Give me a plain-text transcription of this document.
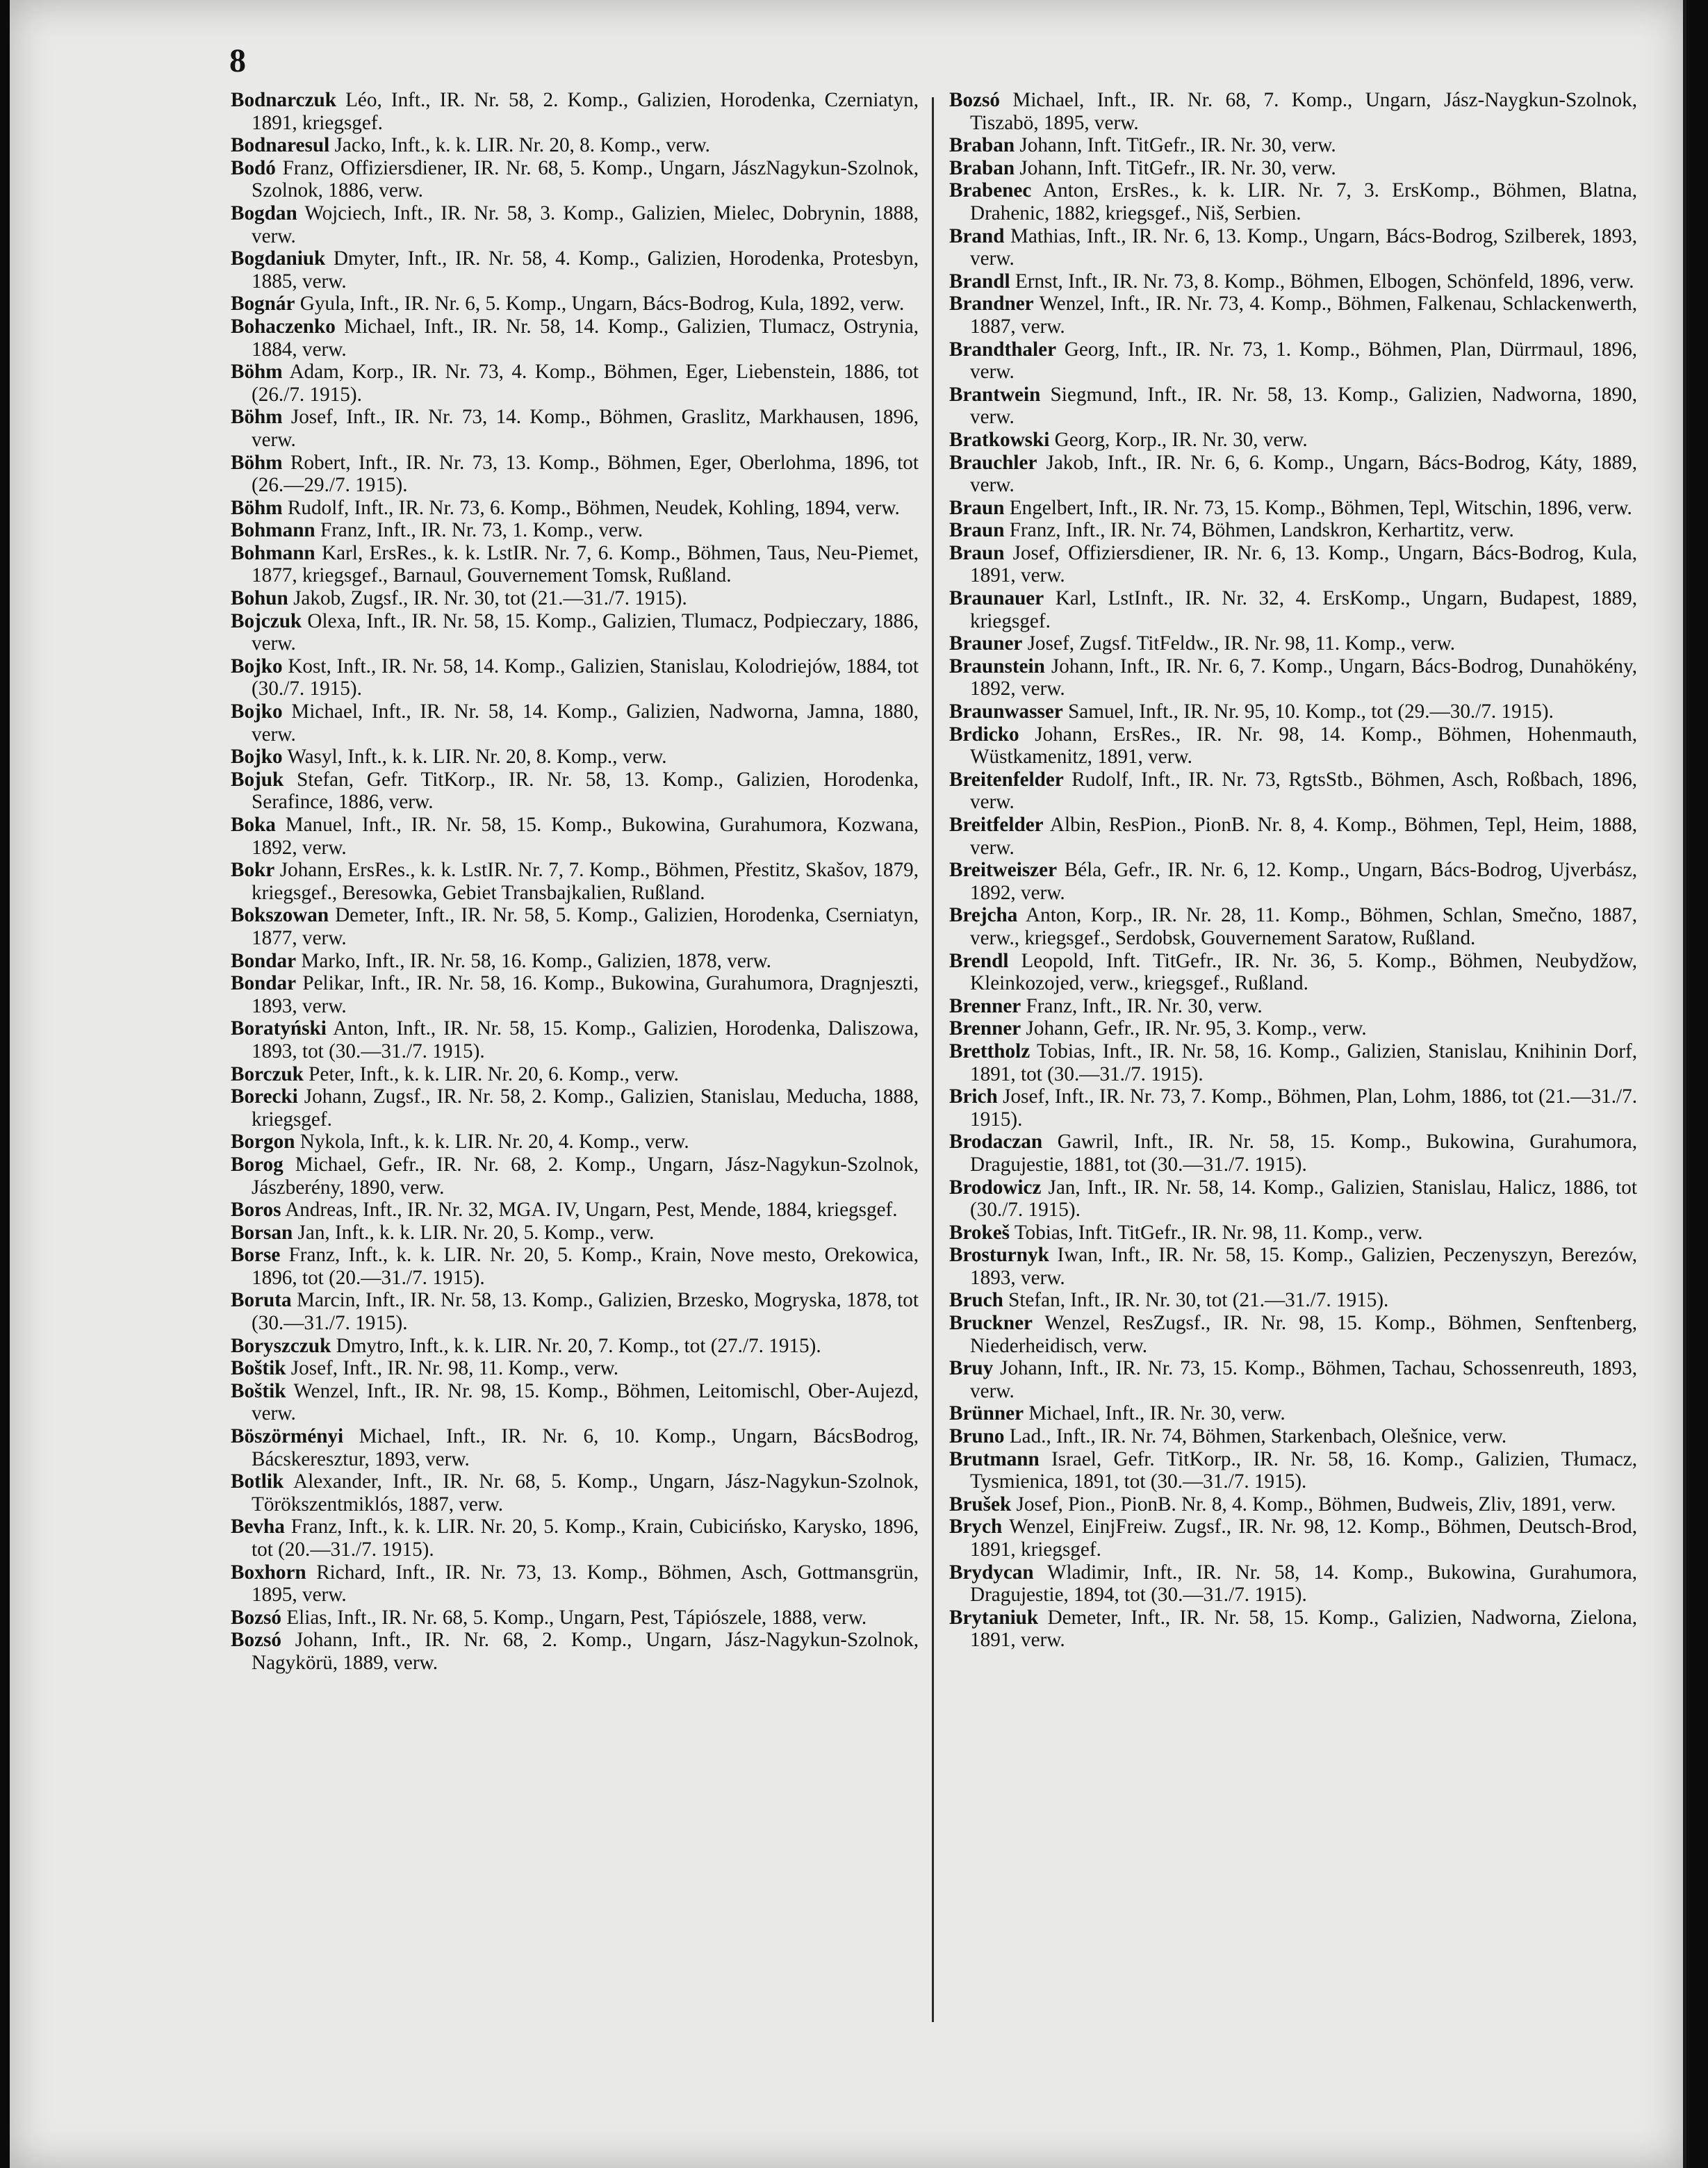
8

Bodnarczuk Léo, Inft., IR. Nr. 58, 2. Komp., Galizien, Horodenka, Czerniatyn, 1891, kriegsgef.

Bodnaresul Jacko, Inft., k. k. LIR. Nr. 20, 8. Komp., verw.

Bodó Franz, Offiziersdiener, IR. Nr. 68, 5. Komp., Ungarn, JászNagykun-Szolnok, Szolnok, 1886, verw.

Bogdan Wojciech, Inft., IR. Nr. 58, 3. Komp., Galizien, Mielec, Dobrynin, 1888, verw.

Bogdaniuk Dmyter, Inft., IR. Nr. 58, 4. Komp., Galizien, Horodenka, Protesbyn, 1885, verw.

Bognár Gyula, Inft., IR. Nr. 6, 5. Komp., Ungarn, Bács-Bodrog, Kula, 1892, verw.

Bohaczenko Michael, Inft., IR. Nr. 58, 14. Komp., Galizien, Tlumacz, Ostrynia, 1884, verw.

Böhm Adam, Korp., IR. Nr. 73, 4. Komp., Böhmen, Eger, Liebenstein, 1886, tot (26./7. 1915).

Böhm Josef, Inft., IR. Nr. 73, 14. Komp., Böhmen, Graslitz, Markhausen, 1896, verw.

Böhm Robert, Inft., IR. Nr. 73, 13. Komp., Böhmen, Eger, Oberlohma, 1896, tot (26.—29./7. 1915).

Böhm Rudolf, Inft., IR. Nr. 73, 6. Komp., Böhmen, Neudek, Kohling, 1894, verw.

Bohmann Franz, Inft., IR. Nr. 73, 1. Komp., verw.

Bohmann Karl, ErsRes., k. k. LstIR. Nr. 7, 6. Komp., Böhmen, Taus, Neu-Piemet, 1877, kriegsgef., Barnaul, Gouvernement Tomsk, Rußland.

Bohun Jakob, Zugsf., IR. Nr. 30, tot (21.—31./7. 1915).

Bojczuk Olexa, Inft., IR. Nr. 58, 15. Komp., Galizien, Tlumacz, Podpieczary, 1886, verw.

Bojko Kost, Inft., IR. Nr. 58, 14. Komp., Galizien, Stanislau, Kolodriejów, 1884, tot (30./7. 1915).

Bojko Michael, Inft., IR. Nr. 58, 14. Komp., Galizien, Nadworna, Jamna, 1880, verw.

Bojko Wasyl, Inft., k. k. LIR. Nr. 20, 8. Komp., verw.

Bojuk Stefan, Gefr. TitKorp., IR. Nr. 58, 13. Komp., Galizien, Horodenka, Serafince, 1886, verw.

Boka Manuel, Inft., IR. Nr. 58, 15. Komp., Bukowina, Gurahumora, Kozwana, 1892, verw.

Bokr Johann, ErsRes., k. k. LstIR. Nr. 7, 7. Komp., Böhmen, Přestitz, Skašov, 1879, kriegsgef., Beresowka, Gebiet Transbajkalien, Rußland.

Bokszowan Demeter, Inft., IR. Nr. 58, 5. Komp., Galizien, Horodenka, Cserniatyn, 1877, verw.

Bondar Marko, Inft., IR. Nr. 58, 16. Komp., Galizien, 1878, verw.

Bondar Pelikar, Inft., IR. Nr. 58, 16. Komp., Bukowina, Gurahumora, Dragnjeszti, 1893, verw.

Boratyński Anton, Inft., IR. Nr. 58, 15. Komp., Galizien, Horodenka, Daliszowa, 1893, tot (30.—31./7. 1915).

Borczuk Peter, Inft., k. k. LIR. Nr. 20, 6. Komp., verw.

Borecki Johann, Zugsf., IR. Nr. 58, 2. Komp., Galizien, Stanislau, Meducha, 1888, kriegsgef.

Borgon Nykola, Inft., k. k. LIR. Nr. 20, 4. Komp., verw.

Borog Michael, Gefr., IR. Nr. 68, 2. Komp., Ungarn, Jász-Nagykun-Szolnok, Jászberény, 1890, verw.

Boros Andreas, Inft., IR. Nr. 32, MGA. IV, Ungarn, Pest, Mende, 1884, kriegsgef.

Borsan Jan, Inft., k. k. LIR. Nr. 20, 5. Komp., verw.

Borse Franz, Inft., k. k. LIR. Nr. 20, 5. Komp., Krain, Nove mesto, Orekowica, 1896, tot (20.—31./7. 1915).

Boruta Marcin, Inft., IR. Nr. 58, 13. Komp., Galizien, Brzesko, Mogryska, 1878, tot (30.—31./7. 1915).

Boryszczuk Dmytro, Inft., k. k. LIR. Nr. 20, 7. Komp., tot (27./7. 1915).

Boštik Josef, Inft., IR. Nr. 98, 11. Komp., verw.

Boštik Wenzel, Inft., IR. Nr. 98, 15. Komp., Böhmen, Leitomischl, Ober-Aujezd, verw.

Böszörményi Michael, Inft., IR. Nr. 6, 10. Komp., Ungarn, BácsBodrog, Bácskeresztur, 1893, verw.

Botlik Alexander, Inft., IR. Nr. 68, 5. Komp., Ungarn, Jász-Nagykun-Szolnok, Törökszentmiklós, 1887, verw.

Bevha Franz, Inft., k. k. LIR. Nr. 20, 5. Komp., Krain, Cubicińsko, Karysko, 1896, tot (20.—31./7. 1915).

Boxhorn Richard, Inft., IR. Nr. 73, 13. Komp., Böhmen, Asch, Gottmansgrün, 1895, verw.

Bozsó Elias, Inft., IR. Nr. 68, 5. Komp., Ungarn, Pest, Tápiószele, 1888, verw.

Bozsó Johann, Inft., IR. Nr. 68, 2. Komp., Ungarn, Jász-Nagykun-Szolnok, Nagykörü, 1889, verw.

Bozsó Michael, Inft., IR. Nr. 68, 7. Komp., Ungarn, Jász-Naygkun-Szolnok, Tiszabö, 1895, verw.

Braban Johann, Inft. TitGefr., IR. Nr. 30, verw.

Braban Johann, Inft. TitGefr., IR. Nr. 30, verw.

Brabenec Anton, ErsRes., k. k. LIR. Nr. 7, 3. ErsKomp., Böhmen, Blatna, Drahenic, 1882, kriegsgef., Niš, Serbien.

Brand Mathias, Inft., IR. Nr. 6, 13. Komp., Ungarn, Bács-Bodrog, Szilberek, 1893, verw.

Brandl Ernst, Inft., IR. Nr. 73, 8. Komp., Böhmen, Elbogen, Schönfeld, 1896, verw.

Brandner Wenzel, Inft., IR. Nr. 73, 4. Komp., Böhmen, Falkenau, Schlackenwerth, 1887, verw.

Brandthaler Georg, Inft., IR. Nr. 73, 1. Komp., Böhmen, Plan, Dürrmaul, 1896, verw.

Brantwein Siegmund, Inft., IR. Nr. 58, 13. Komp., Galizien, Nadworna, 1890, verw.

Bratkowski Georg, Korp., IR. Nr. 30, verw.

Brauchler Jakob, Inft., IR. Nr. 6, 6. Komp., Ungarn, Bács-Bodrog, Káty, 1889, verw.

Braun Engelbert, Inft., IR. Nr. 73, 15. Komp., Böhmen, Tepl, Witschin, 1896, verw.

Braun Franz, Inft., IR. Nr. 74, Böhmen, Landskron, Kerhartitz, verw.

Braun Josef, Offiziersdiener, IR. Nr. 6, 13. Komp., Ungarn, Bács-Bodrog, Kula, 1891, verw.

Braunauer Karl, LstInft., IR. Nr. 32, 4. ErsKomp., Ungarn, Budapest, 1889, kriegsgef.

Brauner Josef, Zugsf. TitFeldw., IR. Nr. 98, 11. Komp., verw.

Braunstein Johann, Inft., IR. Nr. 6, 7. Komp., Ungarn, Bács-Bodrog, Dunahökény, 1892, verw.

Braunwasser Samuel, Inft., IR. Nr. 95, 10. Komp., tot (29.—30./7. 1915).

Brdicko Johann, ErsRes., IR. Nr. 98, 14. Komp., Böhmen, Hohenmauth, Wüstkamenitz, 1891, verw.

Breitenfelder Rudolf, Inft., IR. Nr. 73, RgtsStb., Böhmen, Asch, Roßbach, 1896, verw.

Breitfelder Albin, ResPion., PionB. Nr. 8, 4. Komp., Böhmen, Tepl, Heim, 1888, verw.

Breitweiszer Béla, Gefr., IR. Nr. 6, 12. Komp., Ungarn, Bács-Bodrog, Ujverbász, 1892, verw.

Brejcha Anton, Korp., IR. Nr. 28, 11. Komp., Böhmen, Schlan, Smečno, 1887, verw., kriegsgef., Serdobsk, Gouvernement Saratow, Rußland.

Brendl Leopold, Inft. TitGefr., IR. Nr. 36, 5. Komp., Böhmen, Neubydžow, Kleinkozojed, verw., kriegsgef., Rußland.

Brenner Franz, Inft., IR. Nr. 30, verw.

Brenner Johann, Gefr., IR. Nr. 95, 3. Komp., verw.

Brettholz Tobias, Inft., IR. Nr. 58, 16. Komp., Galizien, Stanislau, Knihinin Dorf, 1891, tot (30.—31./7. 1915).

Brich Josef, Inft., IR. Nr. 73, 7. Komp., Böhmen, Plan, Lohm, 1886, tot (21.—31./7. 1915).

Brodaczan Gawril, Inft., IR. Nr. 58, 15. Komp., Bukowina, Gurahumora, Dragujestie, 1881, tot (30.—31./7. 1915).

Brodowicz Jan, Inft., IR. Nr. 58, 14. Komp., Galizien, Stanislau, Halicz, 1886, tot (30./7. 1915).

Brokeš Tobias, Inft. TitGefr., IR. Nr. 98, 11. Komp., verw.

Brosturnyk Iwan, Inft., IR. Nr. 58, 15. Komp., Galizien, Peczenyszyn, Berezów, 1893, verw.

Bruch Stefan, Inft., IR. Nr. 30, tot (21.—31./7. 1915).

Bruckner Wenzel, ResZugsf., IR. Nr. 98, 15. Komp., Böhmen, Senftenberg, Niederheidisch, verw.

Bruy Johann, Inft., IR. Nr. 73, 15. Komp., Böhmen, Tachau, Schossenreuth, 1893, verw.

Brünner Michael, Inft., IR. Nr. 30, verw.

Bruno Lad., Inft., IR. Nr. 74, Böhmen, Starkenbach, Olešnice, verw.

Brutmann Israel, Gefr. TitKorp., IR. Nr. 58, 16. Komp., Galizien, Tłumacz, Tysmienica, 1891, tot (30.—31./7. 1915).

Brušek Josef, Pion., PionB. Nr. 8, 4. Komp., Böhmen, Budweis, Zliv, 1891, verw.

Brych Wenzel, EinjFreiw. Zugsf., IR. Nr. 98, 12. Komp., Böhmen, Deutsch-Brod, 1891, kriegsgef.

Brydycan Wladimir, Inft., IR. Nr. 58, 14. Komp., Bukowina, Gurahumora, Dragujestie, 1894, tot (30.—31./7. 1915).

Brytaniuk Demeter, Inft., IR. Nr. 58, 15. Komp., Galizien, Nadworna, Zielona, 1891, verw.
